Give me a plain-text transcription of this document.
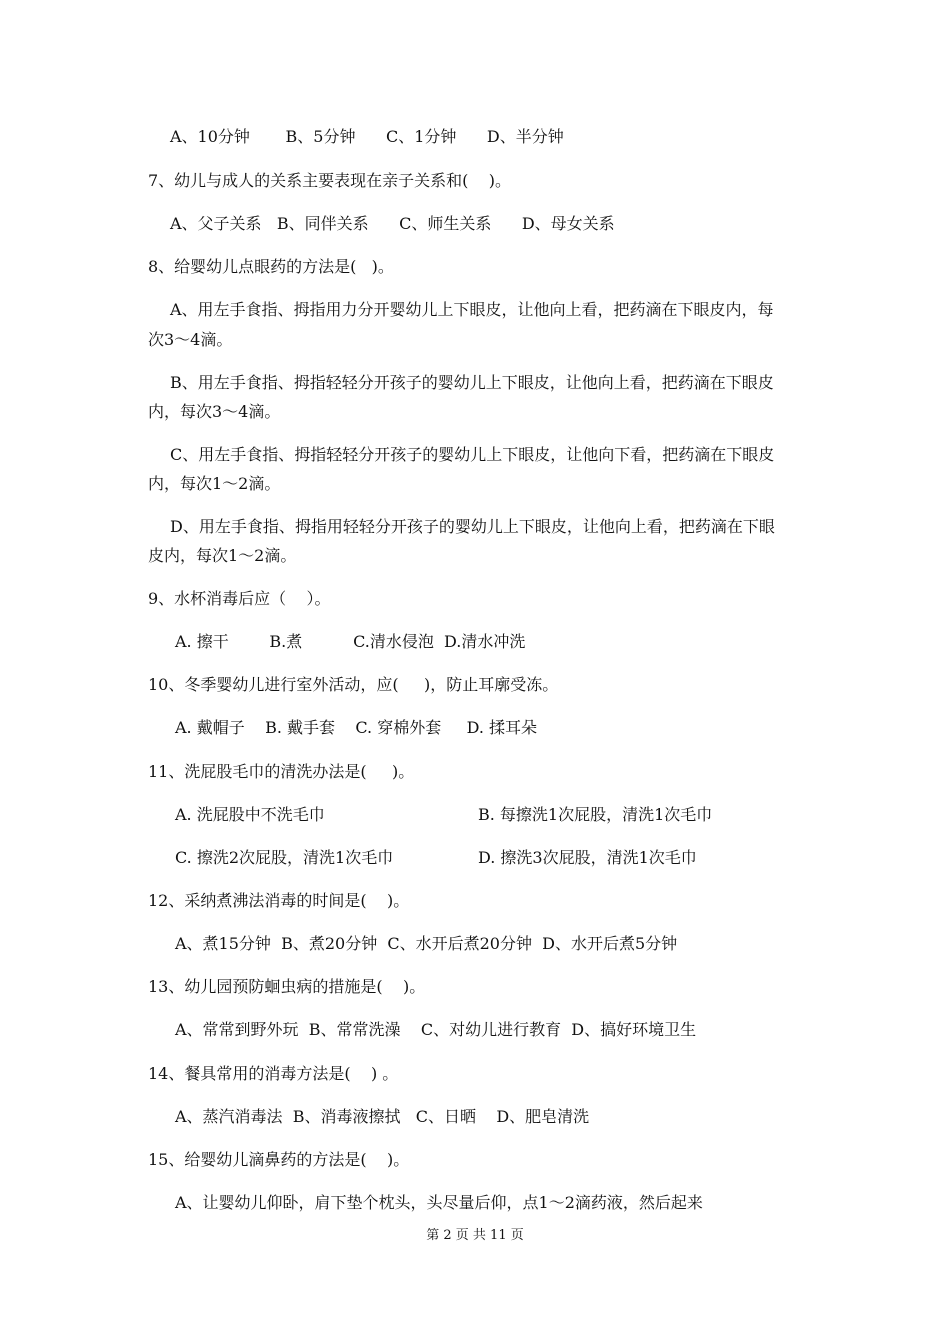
A、10分钟       B、5分钟      C、1分钟      D、半分钟
7、幼儿与成人的关系主要表现在亲子关系和(    )。
A、父子关系   B、同伴关系      C、师生关系      D、母女关系
8、给婴幼儿点眼药的方法是(   )。
A、用左手食指、拇指用力分开婴幼儿上下眼皮，让他向上看，把药滴在下眼皮内，每
次3～4滴。
B、用左手食指、拇指轻轻分开孩子的婴幼儿上下眼皮，让他向上看，把药滴在下眼皮
内，每次3～4滴。
C、用左手食指、拇指轻轻分开孩子的婴幼儿上下眼皮，让他向下看，把药滴在下眼皮
内，每次1～2滴。
D、用左手食指、拇指用轻轻分开孩子的婴幼儿上下眼皮，让他向上看，把药滴在下眼
皮内，每次1～2滴。
9、水杯消毒后应（    ）。
A. 擦干        B.煮          C.清水侵泡  D.清水冲洗
10、冬季婴幼儿进行室外活动，应(     )，防止耳廓受冻。
A. 戴帽子    B. 戴手套    C. 穿棉外套     D. 揉耳朵
11、洗屁股毛巾的清洗办法是(     )。
A. 洗屁股中不洗毛巾	B. 每擦洗1次屁股，清洗1次毛巾
C. 擦洗2次屁股，清洗1次毛巾	D. 擦洗3次屁股，清洗1次毛巾
12、采纳煮沸法消毒的时间是(    )。
A、煮15分钟  B、煮20分钟  C、水开后煮20分钟  D、水开后煮5分钟
13、幼儿园预防蛔虫病的措施是(    )。
A、常常到野外玩  B、常常洗澡    C、对幼儿进行教育  D、搞好环境卫生
14、餐具常用的消毒方法是(    ) 。
A、蒸汽消毒法  B、消毒液擦拭   C、日晒    D、肥皂清洗
15、给婴幼儿滴鼻药的方法是(    )。
A、让婴幼儿仰卧，肩下垫个枕头，头尽量后仰，点1～2滴药液，然后起来
第 2 页 共 11 页
